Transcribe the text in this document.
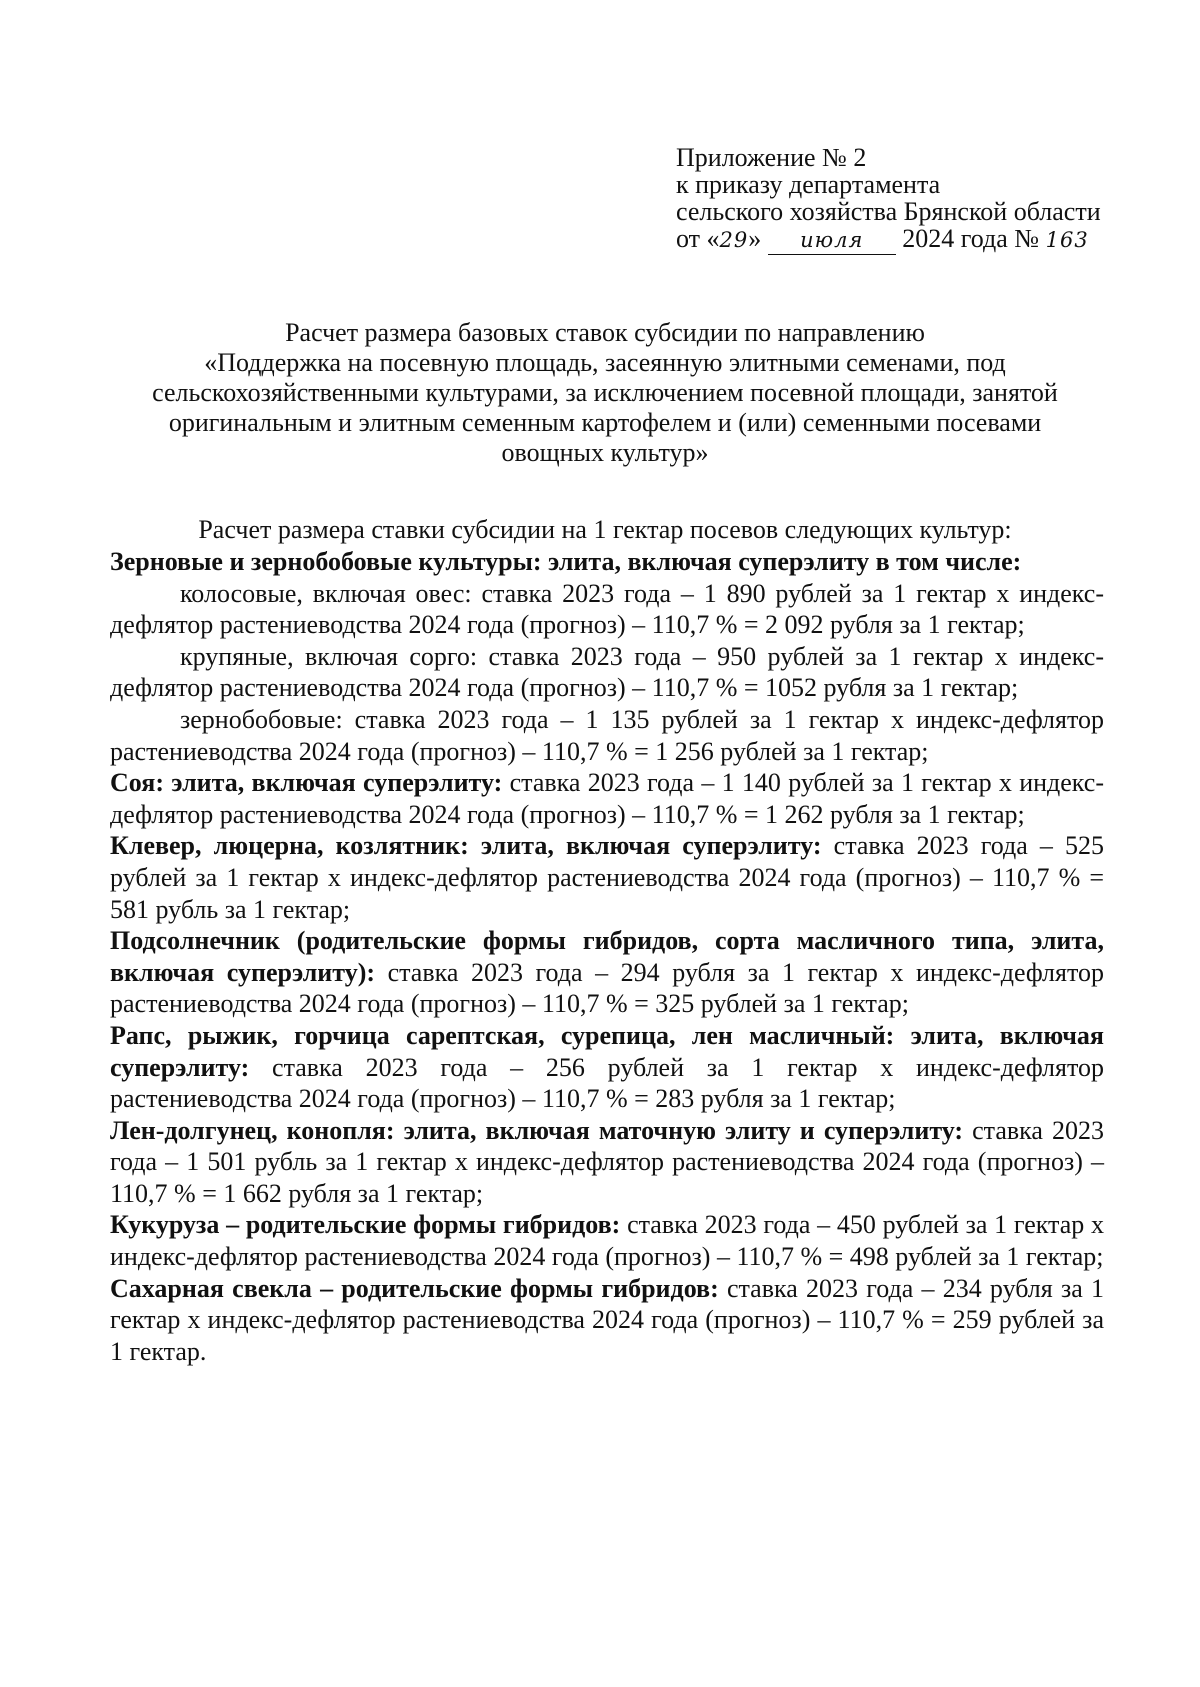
Приложение № 2
к приказу департамента
сельского хозяйства Брянской области
от «29» июля 2024 года № 163
Расчет размера базовых ставок субсидии по направлению
«Поддержка на посевную площадь, засеянную элитными семенами, под
сельскохозяйственными культурами, за исключением посевной площади, занятой
оригинальным и элитным семенным картофелем и (или) семенными посевами
овощных культур»
Расчет размера ставки субсидии на 1 гектар посевов следующих культур:

Зерновые и зернобобовые культуры: элита, включая суперэлиту в том числе:

колосовые, включая овес: ставка 2023 года – 1 890 рублей за 1 гектар х индекс-дефлятор растениеводства 2024 года (прогноз) – 110,7 % = 2 092 рубля за 1 гектар;

крупяные, включая сорго: ставка 2023 года – 950 рублей за 1 гектар х индекс-дефлятор растениеводства 2024 года (прогноз) – 110,7 % = 1052 рубля за 1 гектар;

зернобобовые: ставка 2023 года – 1 135 рублей за 1 гектар х индекс-дефлятор растениеводства 2024 года (прогноз) – 110,7 % = 1 256 рублей за 1 гектар;

Соя: элита, включая суперэлиту: ставка 2023 года – 1 140 рублей за 1 гектар х индекс-дефлятор растениеводства 2024 года (прогноз) – 110,7 % = 1 262 рубля за 1 гектар;

Клевер, люцерна, козлятник: элита, включая суперэлиту: ставка 2023 года – 525 рублей за 1 гектар х индекс-дефлятор растениеводства 2024 года (прогноз) – 110,7 % = 581 рубль за 1 гектар;

Подсолнечник (родительские формы гибридов, сорта масличного типа, элита, включая суперэлиту): ставка 2023 года – 294 рубля за 1 гектар х индекс-дефлятор растениеводства 2024 года (прогноз) – 110,7 % = 325 рублей за 1 гектар;

Рапс, рыжик, горчица сарептская, сурепица, лен масличный: элита, включая суперэлиту: ставка 2023 года – 256 рублей за 1 гектар х индекс-дефлятор растениеводства 2024 года (прогноз) – 110,7 % = 283 рубля за 1 гектар;

Лен-долгунец, конопля: элита, включая маточную элиту и суперэлиту: ставка 2023 года – 1 501 рубль за 1 гектар х индекс-дефлятор растениеводства 2024 года (прогноз) – 110,7 % = 1 662 рубля за 1 гектар;

Кукуруза – родительские формы гибридов: ставка 2023 года – 450 рублей за 1 гектар х индекс-дефлятор растениеводства 2024 года (прогноз) – 110,7 % = 498 рублей за 1 гектар;

Сахарная свекла – родительские формы гибридов: ставка 2023 года – 234 рубля за 1 гектар х индекс-дефлятор растениеводства 2024 года (прогноз) – 110,7 % = 259 рублей за 1 гектар.
